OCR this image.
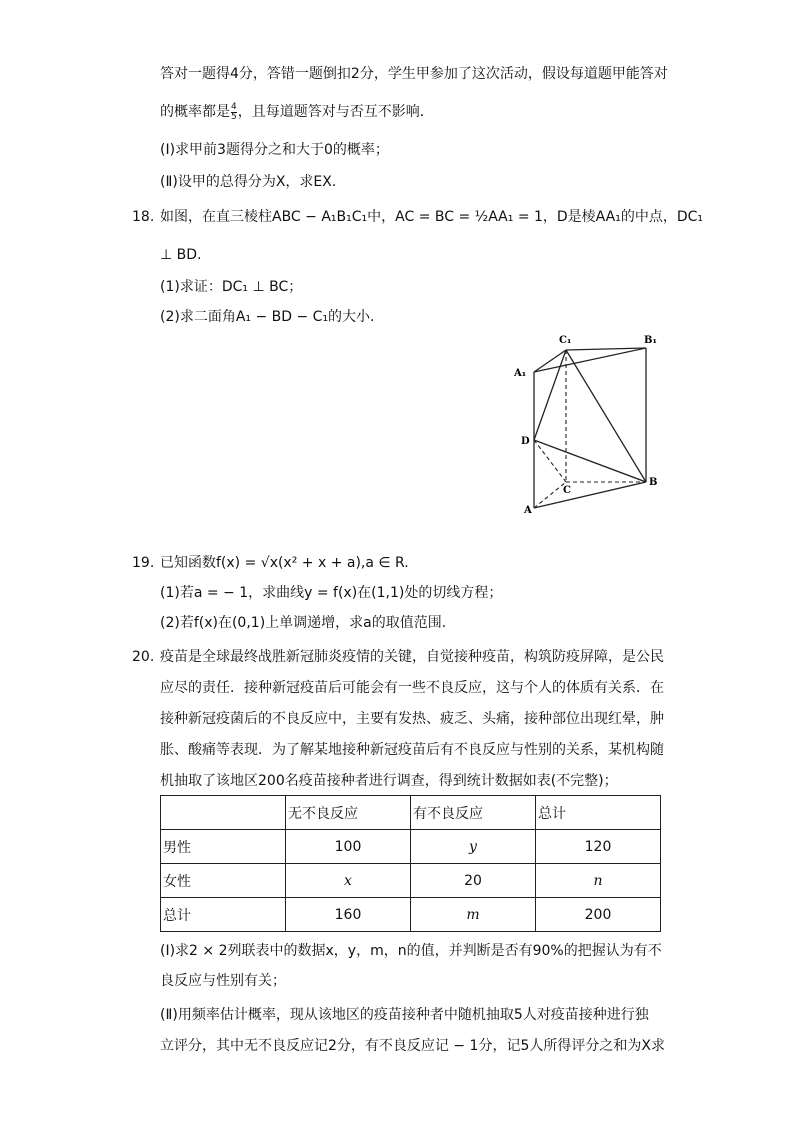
答对一题得4分，答错一题倒扣2分，学生甲参加了这次活动，假设每道题甲能答对
的概率都是 $\frac{4}{5}$ ，且每道题答对与否互不影响．
(Ⅰ)求甲前3题得分之和大于0的概率；
(Ⅱ)设甲的总得分为X，求EX.
18. 如图，在直三棱柱ABC − A₁B₁C₁中，AC = BC = ½AA₁ = 1，D是棱AA₁的中点，DC₁
⊥ BD.
(1)求证：DC₁ ⊥ BC；
(2)求二面角A₁ − BD − C₁的大小.
A₁
C₁	B₁
D
C
B
A
19. 已知函数f(x) = √x(x² + x + a),a ∈ R.
(1)若a = − 1，求曲线y = f(x)在(1,1)处的切线方程；
(2)若f(x)在(0,1)上单调递增，求a的取值范围.
20. 疫苗是全球最终战胜新冠肺炎疫情的关键，自觉接种疫苗，构筑防疫屏障，是公民
应尽的责任．接种新冠疫苗后可能会有一些不良反应，这与个人的体质有关系．在
接种新冠疫菌后的不良反应中，主要有发热、疲乏、头痛，接种部位出现红晕，肿
胀、酸痛等表现．为了解某地接种新冠疫苗后有不良反应与性别的关系，某机构随
机抽取了该地区200名疫苗接种者进行调查，得到统计数据如表(不完整)；
	无不良反应	有不良反应	总计
男性	100	y	120
女性	x	20	n
总计	160	m	200
(Ⅰ)求2 × 2列联表中的数据x，y，m，n的值，并判断是否有90%的把握认为有不
良反应与性别有关；
(Ⅱ)用频率估计概率，现从该地区的疫苗接种者中随机抽取5人对疫苗接种进行独
立评分，其中无不良反应记2分，有不良反应记 − 1分，记5人所得评分之和为X求
